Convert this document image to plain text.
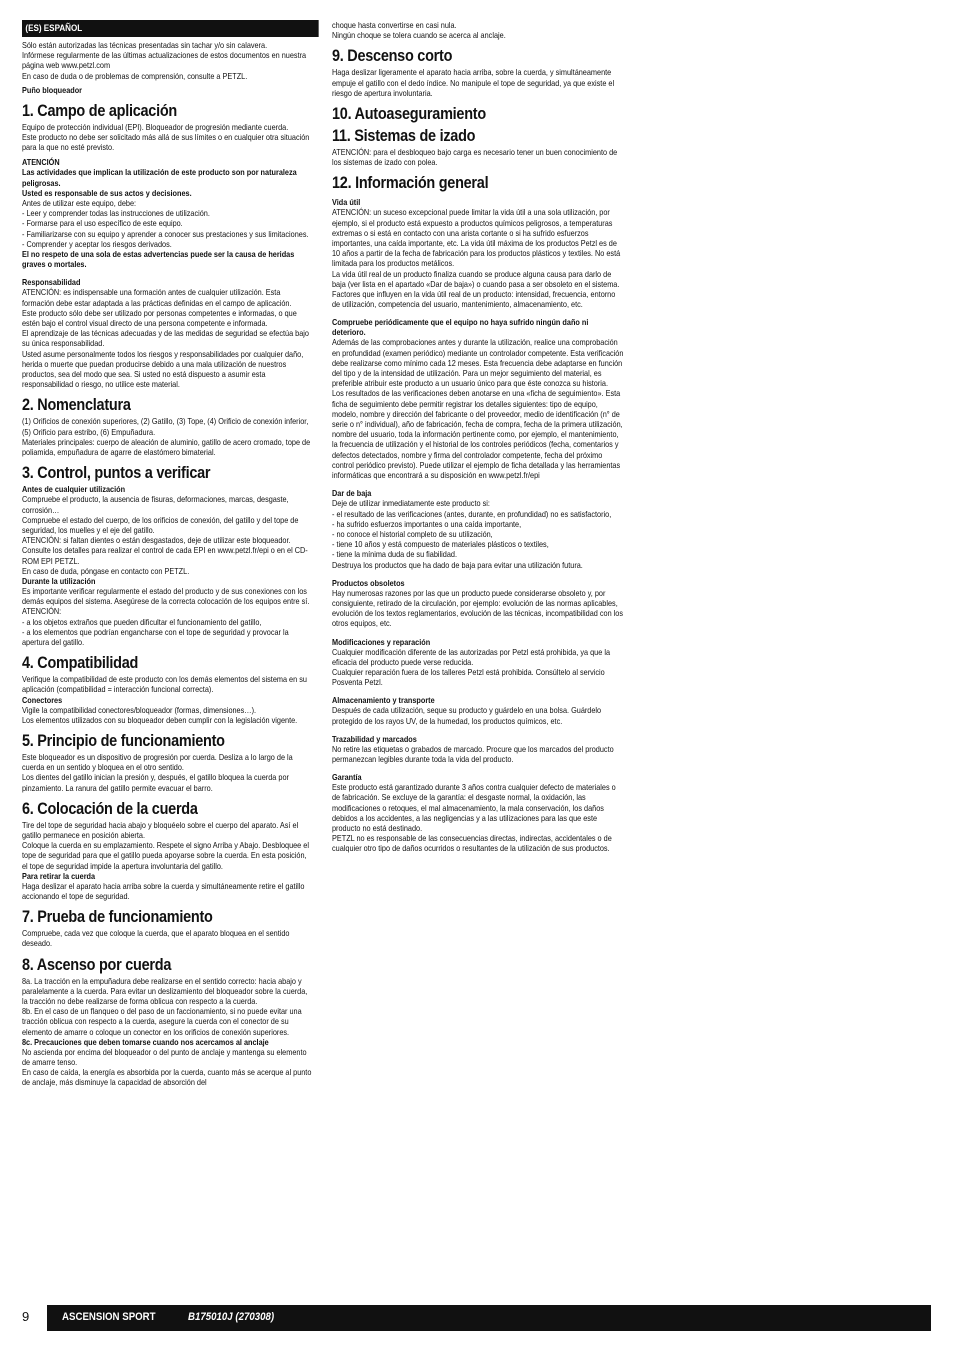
(ES) ESPAÑOL

Sólo están autorizadas las técnicas presentadas sin tachar y/o sin calavera.

Infórmese regularmente de las últimas actualizaciones de estos documentos en nuestra página web www.petzl.com

En caso de duda o de problemas de comprensión, consulte a PETZL.

Puño bloqueador
1. Campo de aplicación

Equipo de protección individual (EPI). Bloqueador de progresión mediante cuerda.

Este producto no debe ser solicitado más allá de sus límites o en cualquier otra situación para la que no esté previsto.

ATENCIÓN

Las actividades que implican la utilización de este producto son por naturaleza peligrosas.

Usted es responsable de sus actos y decisiones.

Antes de utilizar este equipo, debe:

- Leer y comprender todas las instrucciones de utilización.

- Formarse para el uso específico de este equipo.

- Familiarizarse con su equipo y aprender a conocer sus prestaciones y sus limitaciones.

- Comprender y aceptar los riesgos derivados.

El no respeto de una sola de estas advertencias puede ser la causa de heridas graves o mortales.
Responsabilidad

ATENCIÓN: es indispensable una formación antes de cualquier utilización. Esta formación debe estar adaptada a las prácticas definidas en el campo de aplicación.

Este producto sólo debe ser utilizado por personas competentes e informadas, o que estén bajo el control visual directo de una persona competente e informada.

El aprendizaje de las técnicas adecuadas y de las medidas de seguridad se efectúa bajo su única responsabilidad.

Usted asume personalmente todos los riesgos y responsabilidades por cualquier daño, herida o muerte que puedan producirse debido a una mala utilización de nuestros productos, sea del modo que sea. Si usted no está dispuesto a asumir esta responsabilidad o riesgo, no utilice este material.

2. Nomenclatura

(1) Orificios de conexión superiores, (2) Gatillo, (3) Tope, (4) Orificio de conexión inferior, (5) Orificio para estribo, (6) Empuñadura.

Materiales principales: cuerpo de aleación de aluminio, gatillo de acero cromado, tope de poliamida, empuñadura de agarre de elastómero bimaterial.

3. Control, puntos a verificar
Antes de cualquier utilización

Compruebe el producto, la ausencia de fisuras, deformaciones, marcas, desgaste, corrosión…

Compruebe el estado del cuerpo, de los orificios de conexión, del gatillo y del tope de seguridad, los muelles y el eje del gatillo.

ATENCIÓN: si faltan dientes o están desgastados, deje de utilizar este bloqueador.

Consulte los detalles para realizar el control de cada EPI en www.petzl.fr/epi o en el CD-ROM EPI PETZL.

En caso de duda, póngase en contacto con PETZL.

Durante la utilización

Es importante verificar regularmente el estado del producto y de sus conexiones con los demás equipos del sistema. Asegúrese de la correcta colocación de los equipos entre sí.

ATENCIÓN:

- a los objetos extraños que pueden dificultar el funcionamiento del gatillo,

- a los elementos que podrían engancharse con el tope de seguridad y provocar la apertura del gatillo.

4. Compatibilidad
Verifique la compatibilidad de este producto con los demás elementos del sistema en su aplicación (compatibilidad = interacción funcional correcta).
Conectores

Vigile la compatibilidad conectores/bloqueador (formas, dimensiones…).

Los elementos utilizados con su bloqueador deben cumplir con la legislación vigente.

5. Principio de funcionamiento

Este bloqueador es un dispositivo de progresión por cuerda. Desliza a lo largo de la cuerda en un sentido y bloquea en el otro sentido.

Los dientes del gatillo inician la presión y, después, el gatillo bloquea la cuerda por pinzamiento. La ranura del gatillo permite evacuar el barro.

6. Colocación de la cuerda

Tire del tope de seguridad hacia abajo y bloquéelo sobre el cuerpo del aparato. Así el gatillo permanece en posición abierta.

Coloque la cuerda en su emplazamiento. Respete el signo Arriba y Abajo. Desbloquee el tope de seguridad para que el gatillo pueda apoyarse sobre la cuerda. En esta posición, el tope de seguridad impide la apertura involuntaria del gatillo.

Para retirar la cuerda
Haga deslizar el aparato hacia arriba sobre la cuerda y simultáneamente retire el gatillo accionando el tope de seguridad.
7. Prueba de funcionamiento
Compruebe, cada vez que coloque la cuerda, que el aparato bloquea en el sentido deseado.
8. Ascenso por cuerda

8a. La tracción en la empuñadura debe realizarse en el sentido correcto: hacia abajo y paralelamente a la cuerda. Para evitar un deslizamiento del bloqueador sobre la cuerda, la tracción no debe realizarse de forma oblicua con respecto a la cuerda.

8b. En el caso de un flanqueo o del paso de un faccionamiento, si no puede evitar una tracción oblicua con respecto a la cuerda, asegure la cuerda con el conector de su elemento de amarre o coloque un conector en los orificios de conexión superiores.

8c. Precauciones que deben tomarse cuando nos acercamos al anclaje

No ascienda por encima del bloqueador o del punto de anclaje y mantenga su elemento de amarre tenso.

En caso de caída, la energía es absorbida por la cuerda, cuanto más se acerque al punto de anclaje, más disminuye la capacidad de absorción del

choque hasta convertirse en casi nula.

Ningún choque se tolera cuando se acerca al anclaje.

9. Descenso corto
Haga deslizar ligeramente el aparato hacia arriba, sobre la cuerda, y simultáneamente empuje el gatillo con el dedo índice. No manipule el tope de seguridad, ya que existe el riesgo de apertura involuntaria.
10. Autoaseguramiento
11. Sistemas de izado
ATENCIÓN: para el desbloqueo bajo carga es necesario tener un buen conocimiento de los sistemas de izado con polea.
12. Información general
Vida útil

ATENCIÓN: un suceso excepcional puede limitar la vida útil a una sola utilización, por ejemplo, si el producto está expuesto a productos químicos peligrosos, a temperaturas extremas o si está en contacto con una arista cortante o si ha sufrido esfuerzos importantes, una caída importante, etc. La vida útil máxima de los productos Petzl es de 10 años a partir de la fecha de fabricación para los productos plásticos y textiles. No está limitada para los productos metálicos.

La vida útil real de un producto finaliza cuando se produce alguna causa para darlo de baja (ver lista en el apartado «Dar de baja») o cuando pasa a ser obsoleto en el sistema.

Factores que influyen en la vida útil real de un producto: intensidad, frecuencia, entorno de utilización, competencia del usuario, mantenimiento, almacenamiento, etc.

Compruebe periódicamente que el equipo no haya sufrido ningún daño ni deterioro.

Además de las comprobaciones antes y durante la utilización, realice una comprobación en profundidad (examen periódico) mediante un controlador competente. Esta verificación debe realizarse como mínimo cada 12 meses. Esta frecuencia debe adaptarse en función del tipo y de la intensidad de utilización. Para un mejor seguimiento del material, es preferible atribuir este producto a un usuario único para que éste conozca su historia.

Los resultados de las verificaciones deben anotarse en una «ficha de seguimiento». Esta ficha de seguimiento debe permitir registrar los detalles siguientes: tipo de equipo, modelo, nombre y dirección del fabricante o del proveedor, medio de identificación (n° de serie o n° individual), año de fabricación, fecha de compra, fecha de la primera utilización, nombre del usuario, toda la información pertinente como, por ejemplo, el mantenimiento, la frecuencia de utilización y el historial de los controles periódicos (fecha, comentarios y defectos detectados, nombre y firma del controlador competente, fecha del próximo control periódico previsto). Puede utilizar el ejemplo de ficha detallada y las herramientas informáticas que encontrará a su disposición en www.petzl.fr/epi

Dar de baja

Deje de utilizar inmediatamente este producto si:

- el resultado de las verificaciones (antes, durante, en profundidad) no es satisfactorio,

- ha sufrido esfuerzos importantes o una caída importante,

- no conoce el historial completo de su utilización,

- tiene 10 años y está compuesto de materiales plásticos o textiles,

- tiene la mínima duda de su fiabilidad.

Destruya los productos que ha dado de baja para evitar una utilización futura.

Productos obsoletos
Hay numerosas razones por las que un producto puede considerarse obsoleto y, por consiguiente, retirado de la circulación, por ejemplo: evolución de las normas aplicables, evolución de los textos reglamentarios, evolución de las técnicas, incompatibilidad con los otros equipos, etc.
Modificaciones y reparación

Cualquier modificación diferente de las autorizadas por Petzl está prohibida, ya que la eficacia del producto puede verse reducida.

Cualquier reparación fuera de los talleres Petzl está prohibida. Consúltelo al servicio Posventa Petzl.

Almacenamiento y transporte
Después de cada utilización, seque su producto y guárdelo en una bolsa. Guárdelo protegido de los rayos UV, de la humedad, los productos químicos, etc.
Trazabilidad y marcados
No retire las etiquetas o grabados de marcado. Procure que los marcados del producto permanezcan legibles durante toda la vida del producto.
Garantía

Este producto está garantizado durante 3 años contra cualquier defecto de materiales o de fabricación. Se excluye de la garantía: el desgaste normal, la oxidación, las modificaciones o retoques, el mal almacenamiento, la mala conservación, los daños debidos a los accidentes, a las negligencias y a las utilizaciones para las que este producto no está destinado.

PETZL no es responsable de las consecuencias directas, indirectas, accidentales o de cualquier otro tipo de daños ocurridos o resultantes de la utilización de sus productos.

9	ASCENSION SPORT	B175010J (270308)
